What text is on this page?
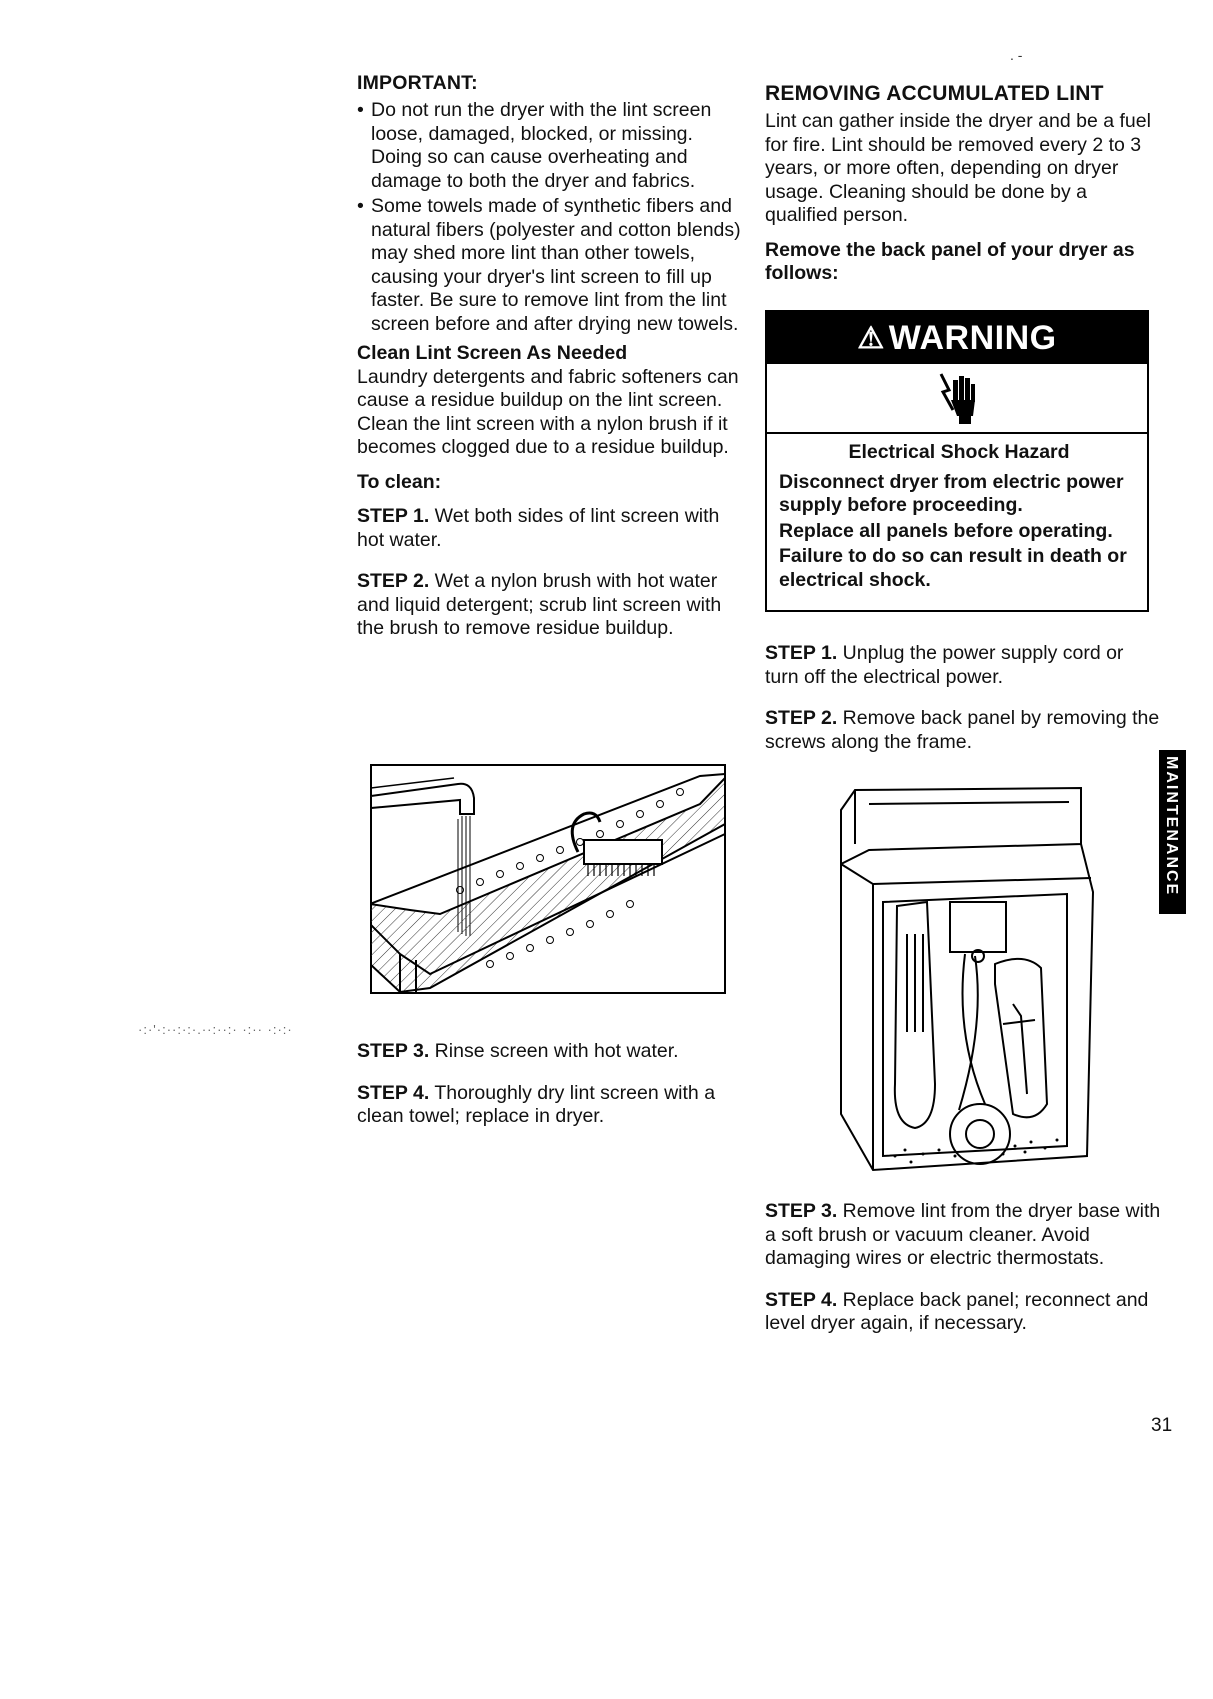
. -
·:·'·:··:·:·.··:··:· ·:·· ·:·:·

IMPORTANT:

• Do not run the dryer with the lint screen loose, damaged, blocked, or missing. Doing so can cause overheating and damage to both the dryer and fabrics.
• Some towels made of synthetic fibers and natural fibers (polyester and cotton blends) may shed more lint than other towels, causing your dryer's lint screen to fill up faster. Be sure to remove lint from the lint screen before and after drying new towels.

Clean Lint Screen As Needed

Laundry detergents and fabric softeners can cause a residue buildup on the lint screen. Clean the lint screen with a nylon brush if it becomes clogged due to a residue buildup.

To clean:

STEP 1. Wet both sides of lint screen with hot water.

STEP 2. Wet a nylon brush with hot water and liquid detergent; scrub lint screen with the brush to remove residue buildup.

STEP 3. Rinse screen with hot water.

STEP 4. Thoroughly dry lint screen with a clean towel; replace in dryer.

REMOVING ACCUMULATED LINT

Lint can gather inside the dryer and be a fuel for fire. Lint should be removed every 2 to 3 years, or more often, depending on dryer usage. Cleaning should be done by a qualified person.

Remove the back panel of your dryer as follows:

⚠ WARNING

Electrical Shock Hazard

Disconnect dryer from electric power supply before proceeding.

Replace all panels before operating.

Failure to do so can result in death or electrical shock.

STEP 1. Unplug the power supply cord or turn off the electrical power.

STEP 2. Remove back panel by removing the screws along the frame.

STEP 3. Remove lint from the dryer base with a soft brush or vacuum cleaner. Avoid damaging wires or electric thermostats.

STEP 4. Replace back panel; reconnect and level dryer again, if necessary.

MAINTENANCE
31
